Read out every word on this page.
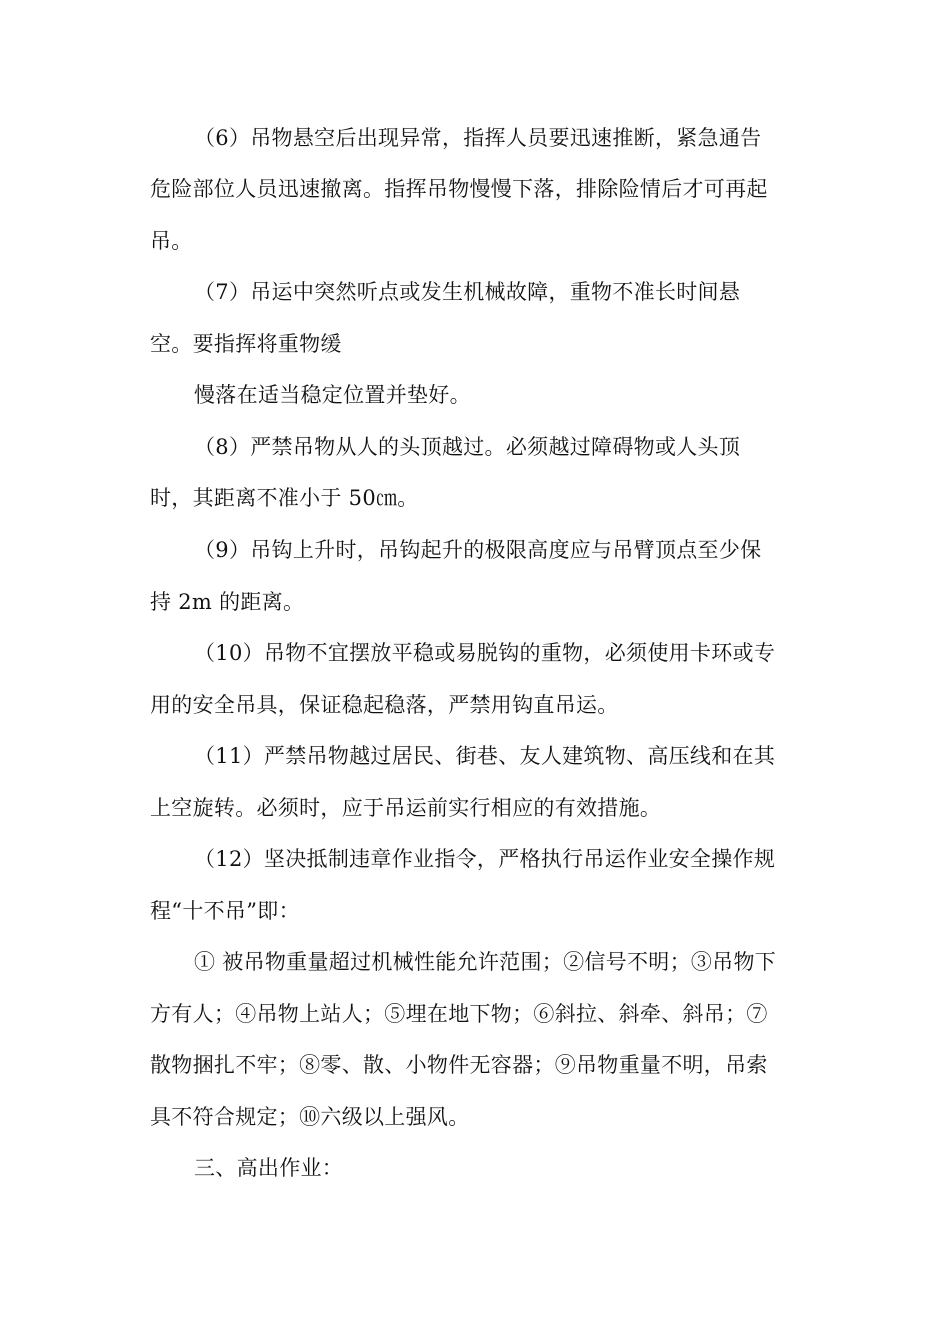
（6）吊物悬空后出现异常，指挥人员要迅速推断，紧急通告
危险部位人员迅速撤离。指挥吊物慢慢下落，排除险情后才可再起
吊。
（7）吊运中突然听点或发生机械故障，重物不准长时间悬
空。要指挥将重物缓
慢落在适当稳定位置并垫好。
（8）严禁吊物从人的头顶越过。必须越过障碍物或人头顶
时，其距离不准小于 50㎝。
（9）吊钩上升时，吊钩起升的极限高度应与吊臂顶点至少保
持 2m 的距离。
（10）吊物不宜摆放平稳或易脱钩的重物，必须使用卡环或专
用的安全吊具，保证稳起稳落，严禁用钩直吊运。
（11）严禁吊物越过居民、街巷、友人建筑物、高压线和在其
上空旋转。必须时，应于吊运前实行相应的有效措施。
（12）坚决抵制违章作业指令，严格执行吊运作业安全操作规
程“十不吊”即：
① 被吊物重量超过机械性能允许范围；②信号不明；③吊物下
方有人；④吊物上站人；⑤埋在地下物；⑥斜拉、斜牵、斜吊；⑦
散物捆扎不牢；⑧零、散、小物件无容器；⑨吊物重量不明，吊索
具不符合规定；⑩六级以上强风。
三、高出作业：
